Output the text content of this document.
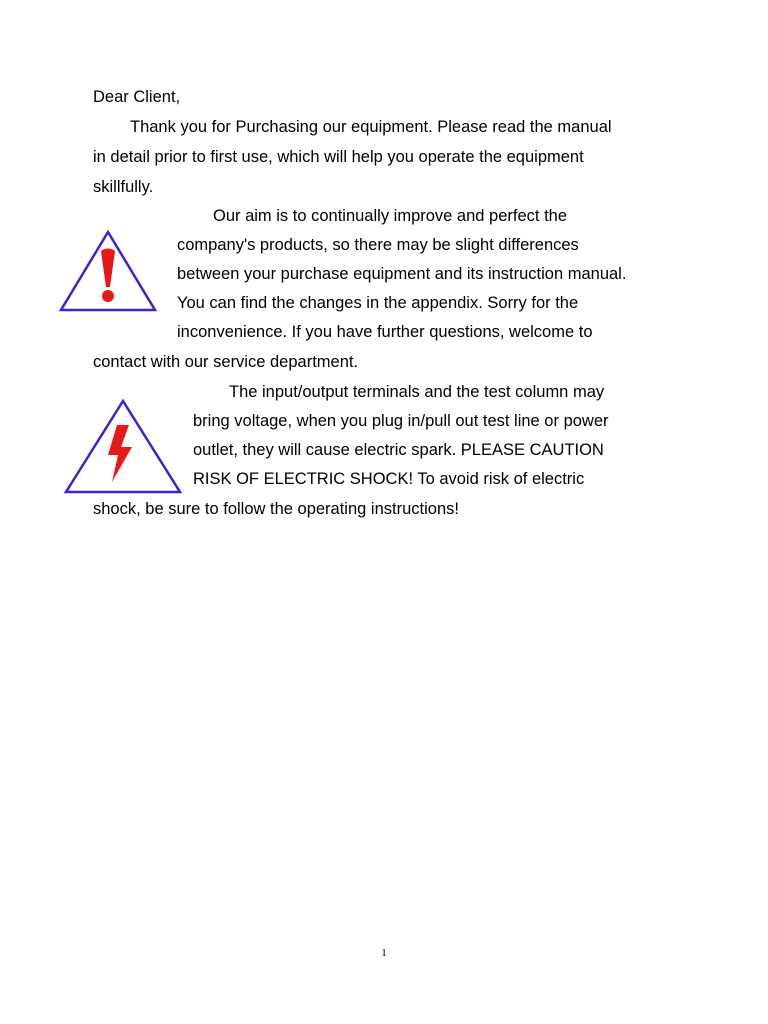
Dear Client,

Thank you for Purchasing our equipment. Please read the manual

in detail prior to first use, which will help you operate the equipment

skillfully.

Our aim is to continually improve and perfect the

company's products, so there may be slight differences

between your purchase equipment and its instruction manual.

You can find the changes in the appendix. Sorry for the

inconvenience. If you have further questions, welcome to

contact with our service department.

The input/output terminals and the test column may

bring voltage, when you plug in/pull out test line or power

outlet, they will cause electric spark. PLEASE CAUTION

RISK OF ELECTRIC SHOCK! To avoid risk of electric

shock, be sure to follow the operating instructions!

1
